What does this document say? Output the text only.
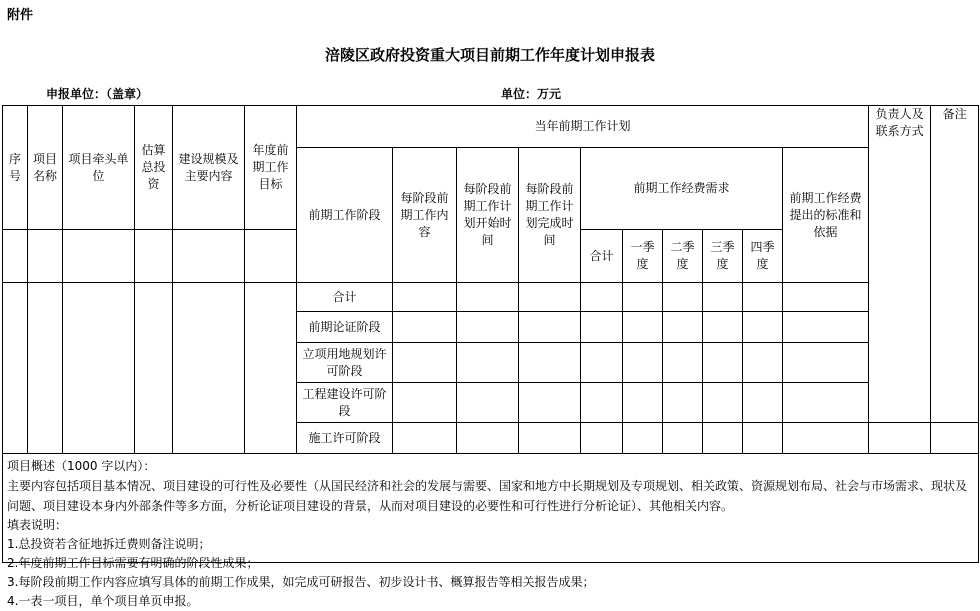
附件
涪陵区政府投资重大项目前期工作年度计划申报表
申报单位：（盖章）	单位：万元
序号	项目名称	项目牵头单位	估算总投资	建设规模及主要内容	年度前期工作目标	当年前期工作计划										负责人及联系方式	备注
						前期工作阶段	每阶段前期工作内容	每阶段前期工作计划开始时间	每阶段前期工作计划完成时间	前期工作经费需求					前期工作经费提出的标准和依据		
										合计	一季度	二季度	三季度	四季度			
						合计											
						前期论证阶段											
						立项用地规划许可阶段											
						工程建设许可阶段											
						施工许可阶段											

项目概述（1000 字以内）：
主要内容包括项目基本情况、项目建设的可行性及必要性（从国民经济和社会的发展与需要、国家和地方中长期规划及专项规划、相关政策、资源规划布局、社会与市场需求、现状及问题、项目建设本身内外部条件等多方面，分析论证项目建设的背景，从而对项目建设的必要性和可行性进行分析论证）、其他相关内容。																	
填表说明：
1.总投资若含征地拆迁费则备注说明；
2.年度前期工作目标需要有明确的阶段性成果；
3.每阶段前期工作内容应填写具体的前期工作成果，如完成可研报告、初步设计书、概算报告等相关报告成果；
4.一表一项目，单个项目单页申报。
